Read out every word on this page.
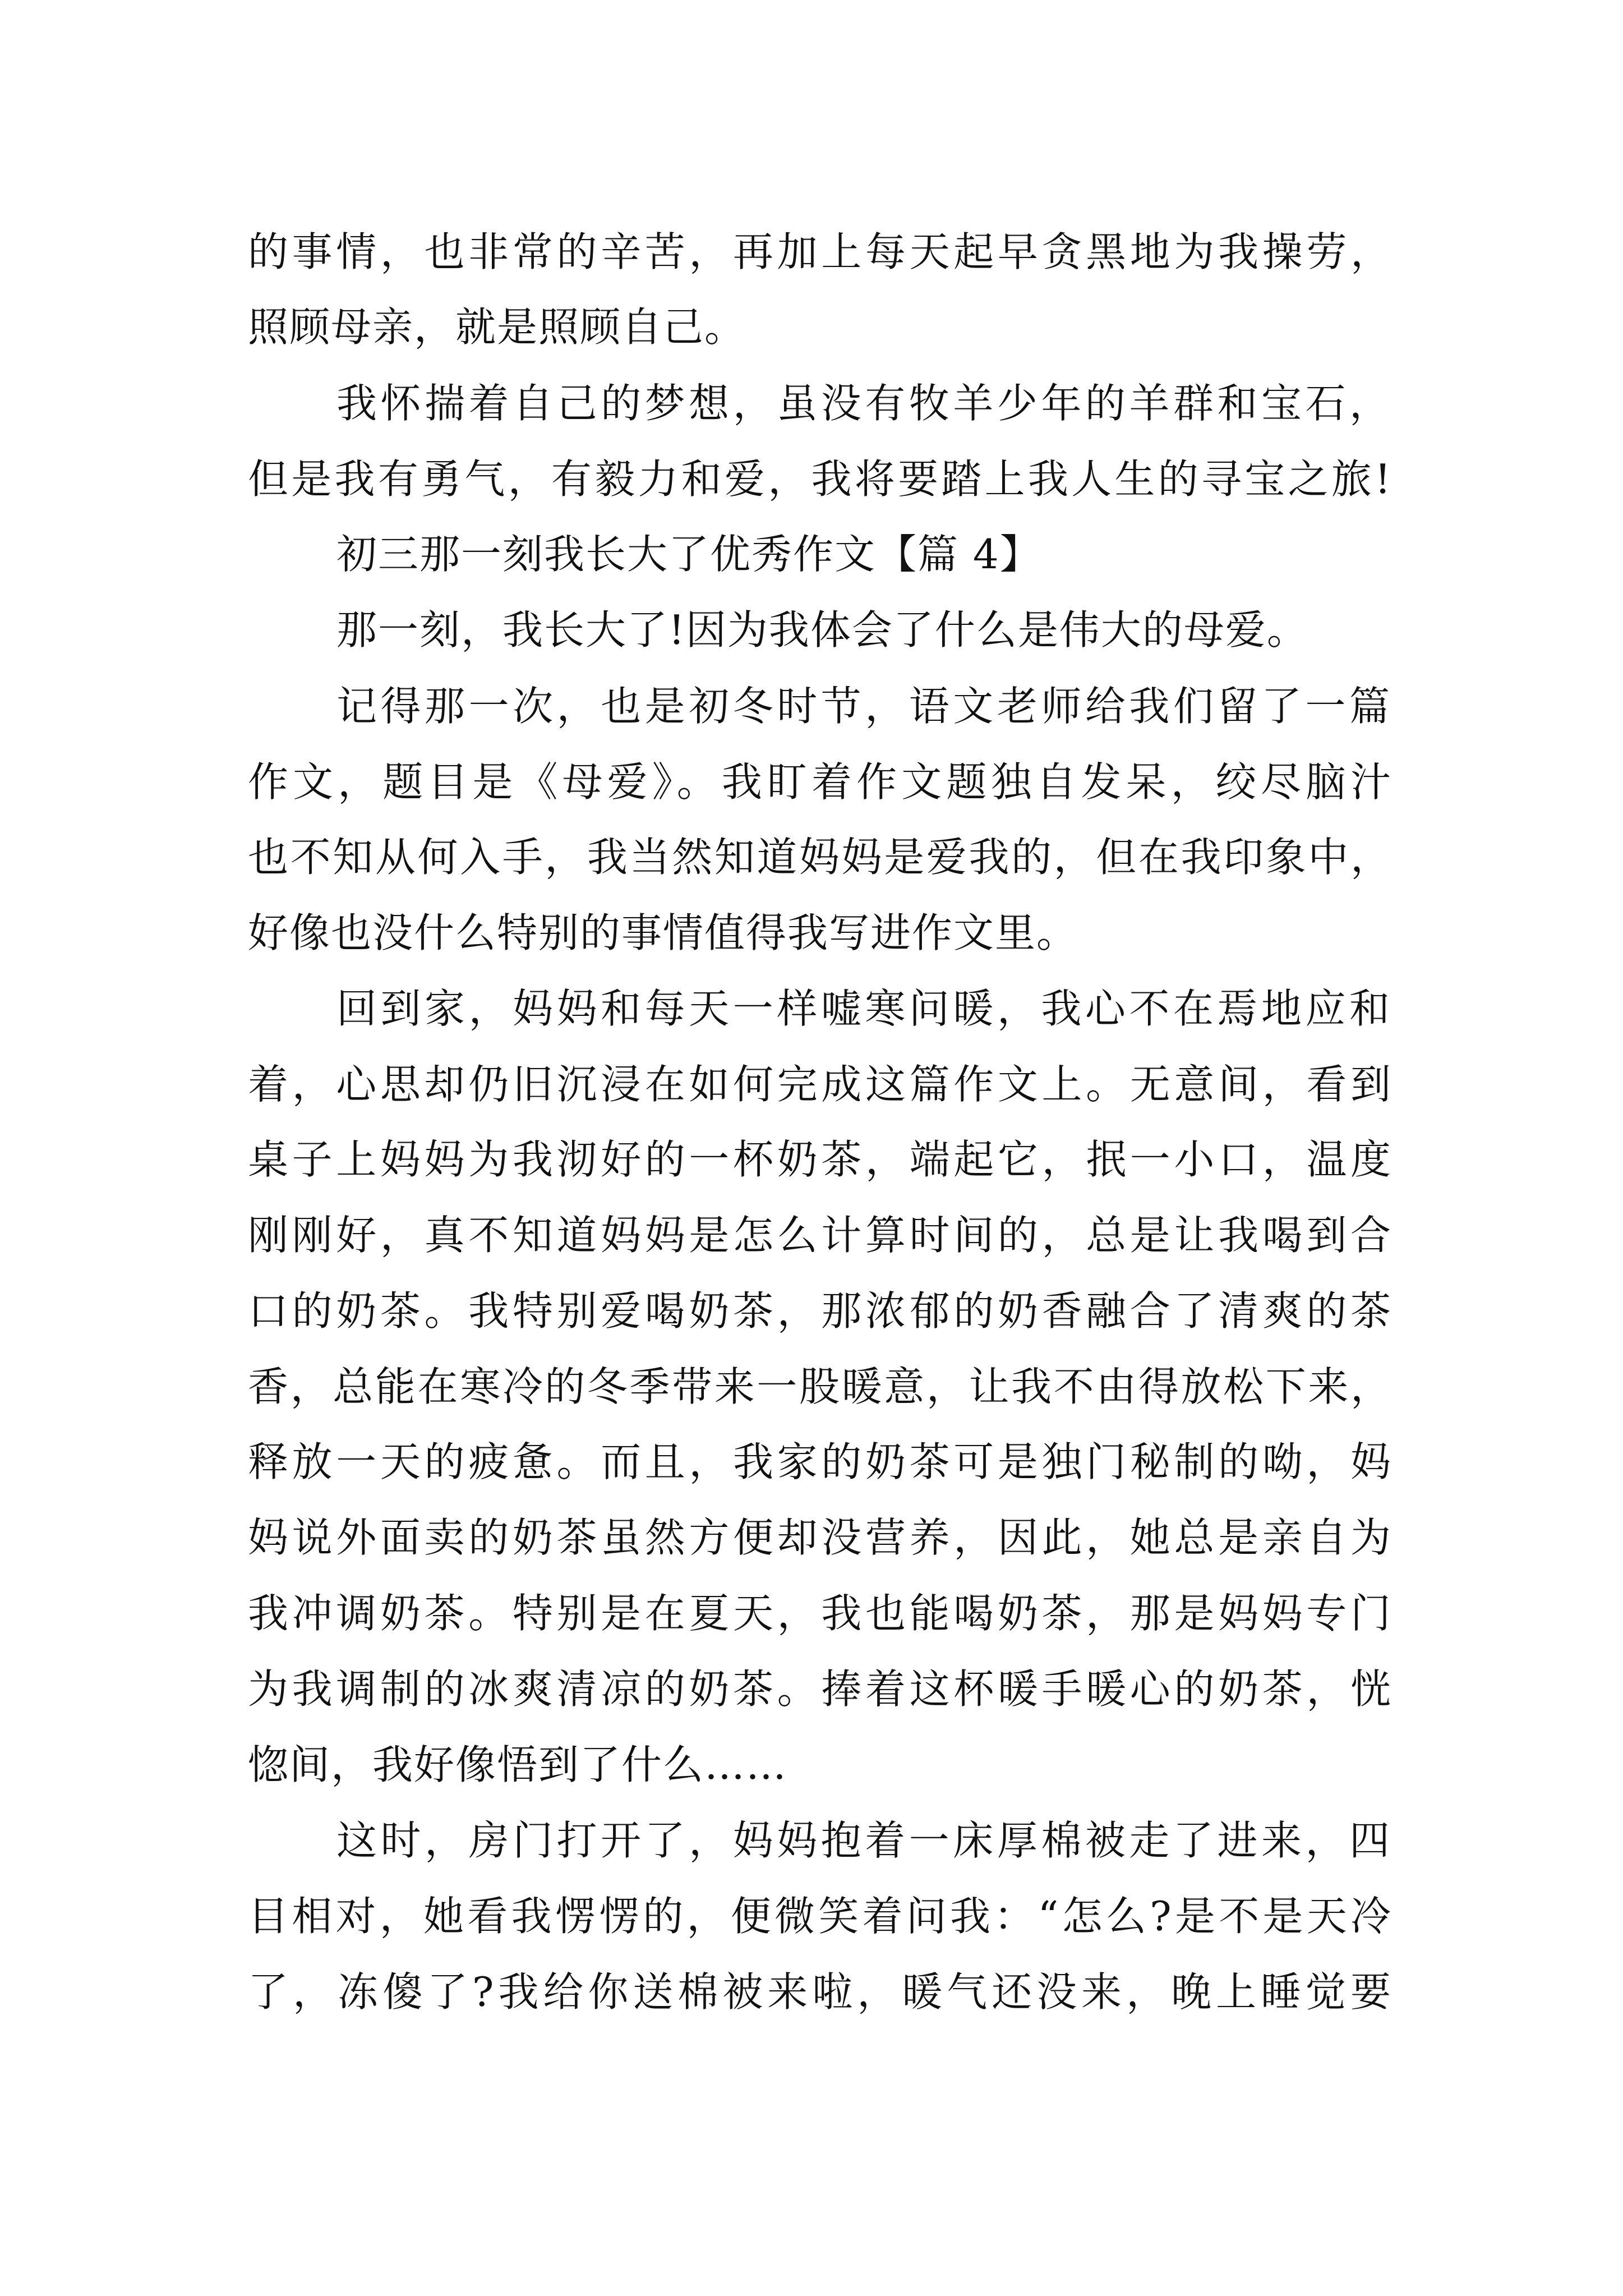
的事情，也非常的辛苦，再加上每天起早贪黑地为我操劳，
照顾母亲，就是照顾自己。
我怀揣着自己的梦想，虽没有牧羊少年的羊群和宝石，
但是我有勇气，有毅力和爱，我将要踏上我人生的寻宝之旅!
初三那一刻我长大了优秀作文【篇 4】
那一刻，我长大了!因为我体会了什么是伟大的母爱。
记得那一次，也是初冬时节，语文老师给我们留了一篇
作文，题目是《母爱》。我盯着作文题独自发呆，绞尽脑汁
也不知从何入手，我当然知道妈妈是爱我的，但在我印象中，
好像也没什么特别的事情值得我写进作文里。
回到家，妈妈和每天一样嘘寒问暖，我心不在焉地应和
着，心思却仍旧沉浸在如何完成这篇作文上。无意间，看到
桌子上妈妈为我沏好的一杯奶茶，端起它，抿一小口，温度
刚刚好，真不知道妈妈是怎么计算时间的，总是让我喝到合
口的奶茶。我特别爱喝奶茶，那浓郁的奶香融合了清爽的茶
香，总能在寒冷的冬季带来一股暖意，让我不由得放松下来，
释放一天的疲惫。而且，我家的奶茶可是独门秘制的呦，妈
妈说外面卖的奶茶虽然方便却没营养，因此，她总是亲自为
我冲调奶茶。特别是在夏天，我也能喝奶茶，那是妈妈专门
为我调制的冰爽清凉的奶茶。捧着这杯暖手暖心的奶茶，恍
惚间，我好像悟到了什么……
这时，房门打开了，妈妈抱着一床厚棉被走了进来，四
目相对，她看我愣愣的，便微笑着问我：“怎么?是不是天冷
了，冻傻了?我给你送棉被来啦，暖气还没来，晚上睡觉要
